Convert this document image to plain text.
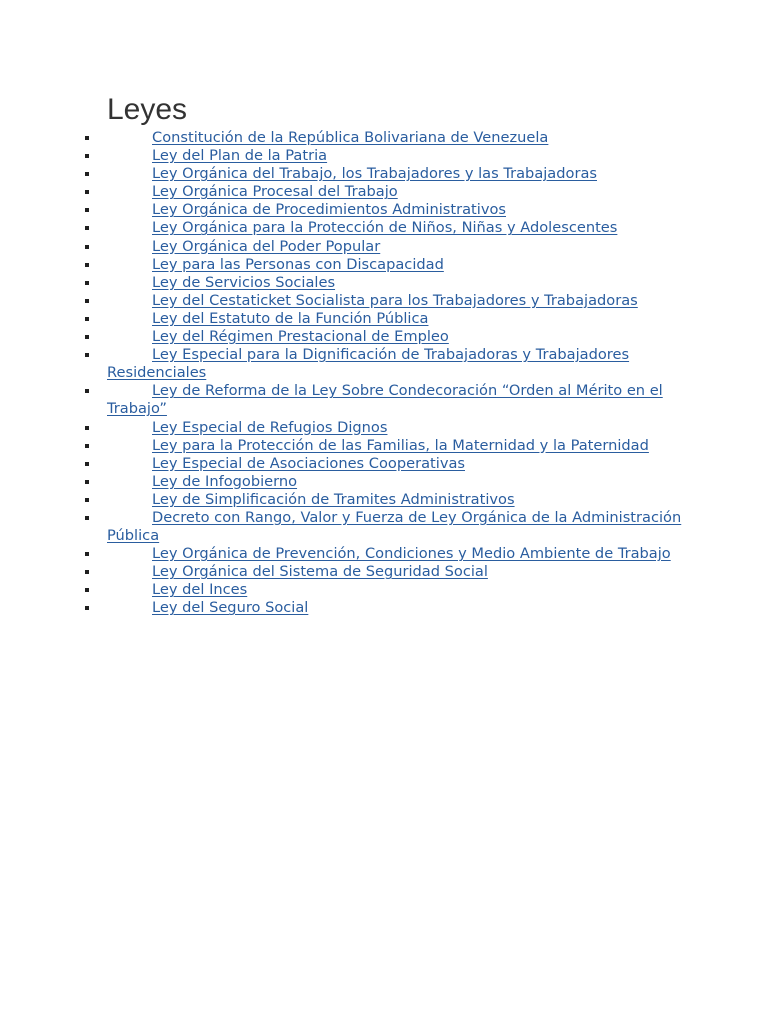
Leyes
Constitución de la República Bolivariana de Venezuela
Ley del Plan de la Patria
Ley Orgánica del Trabajo, los Trabajadores y las Trabajadoras
Ley Orgánica Procesal del Trabajo
Ley Orgánica de Procedimientos Administrativos
Ley Orgánica para la Protección de Niños, Niñas y Adolescentes
Ley Orgánica del Poder Popular
Ley para las Personas con Discapacidad
Ley de Servicios Sociales
Ley del Cestaticket Socialista para los Trabajadores y Trabajadoras
Ley del Estatuto de la Función Pública
Ley del Régimen Prestacional de Empleo
Ley Especial para la Dignificación de Trabajadoras y Trabajadores Residenciales
Ley de Reforma de la Ley Sobre Condecoración “Orden al Mérito en el Trabajo”
Ley Especial de Refugios Dignos
Ley para la Protección de las Familias, la Maternidad y la Paternidad
Ley Especial de Asociaciones Cooperativas
Ley de Infogobierno
Ley de Simplificación de Tramites Administrativos
Decreto con Rango, Valor y Fuerza de Ley Orgánica de la Administración Pública
Ley Orgánica de Prevención, Condiciones y Medio Ambiente de Trabajo
Ley Orgánica del Sistema de Seguridad Social
Ley del Inces
Ley del Seguro Social
